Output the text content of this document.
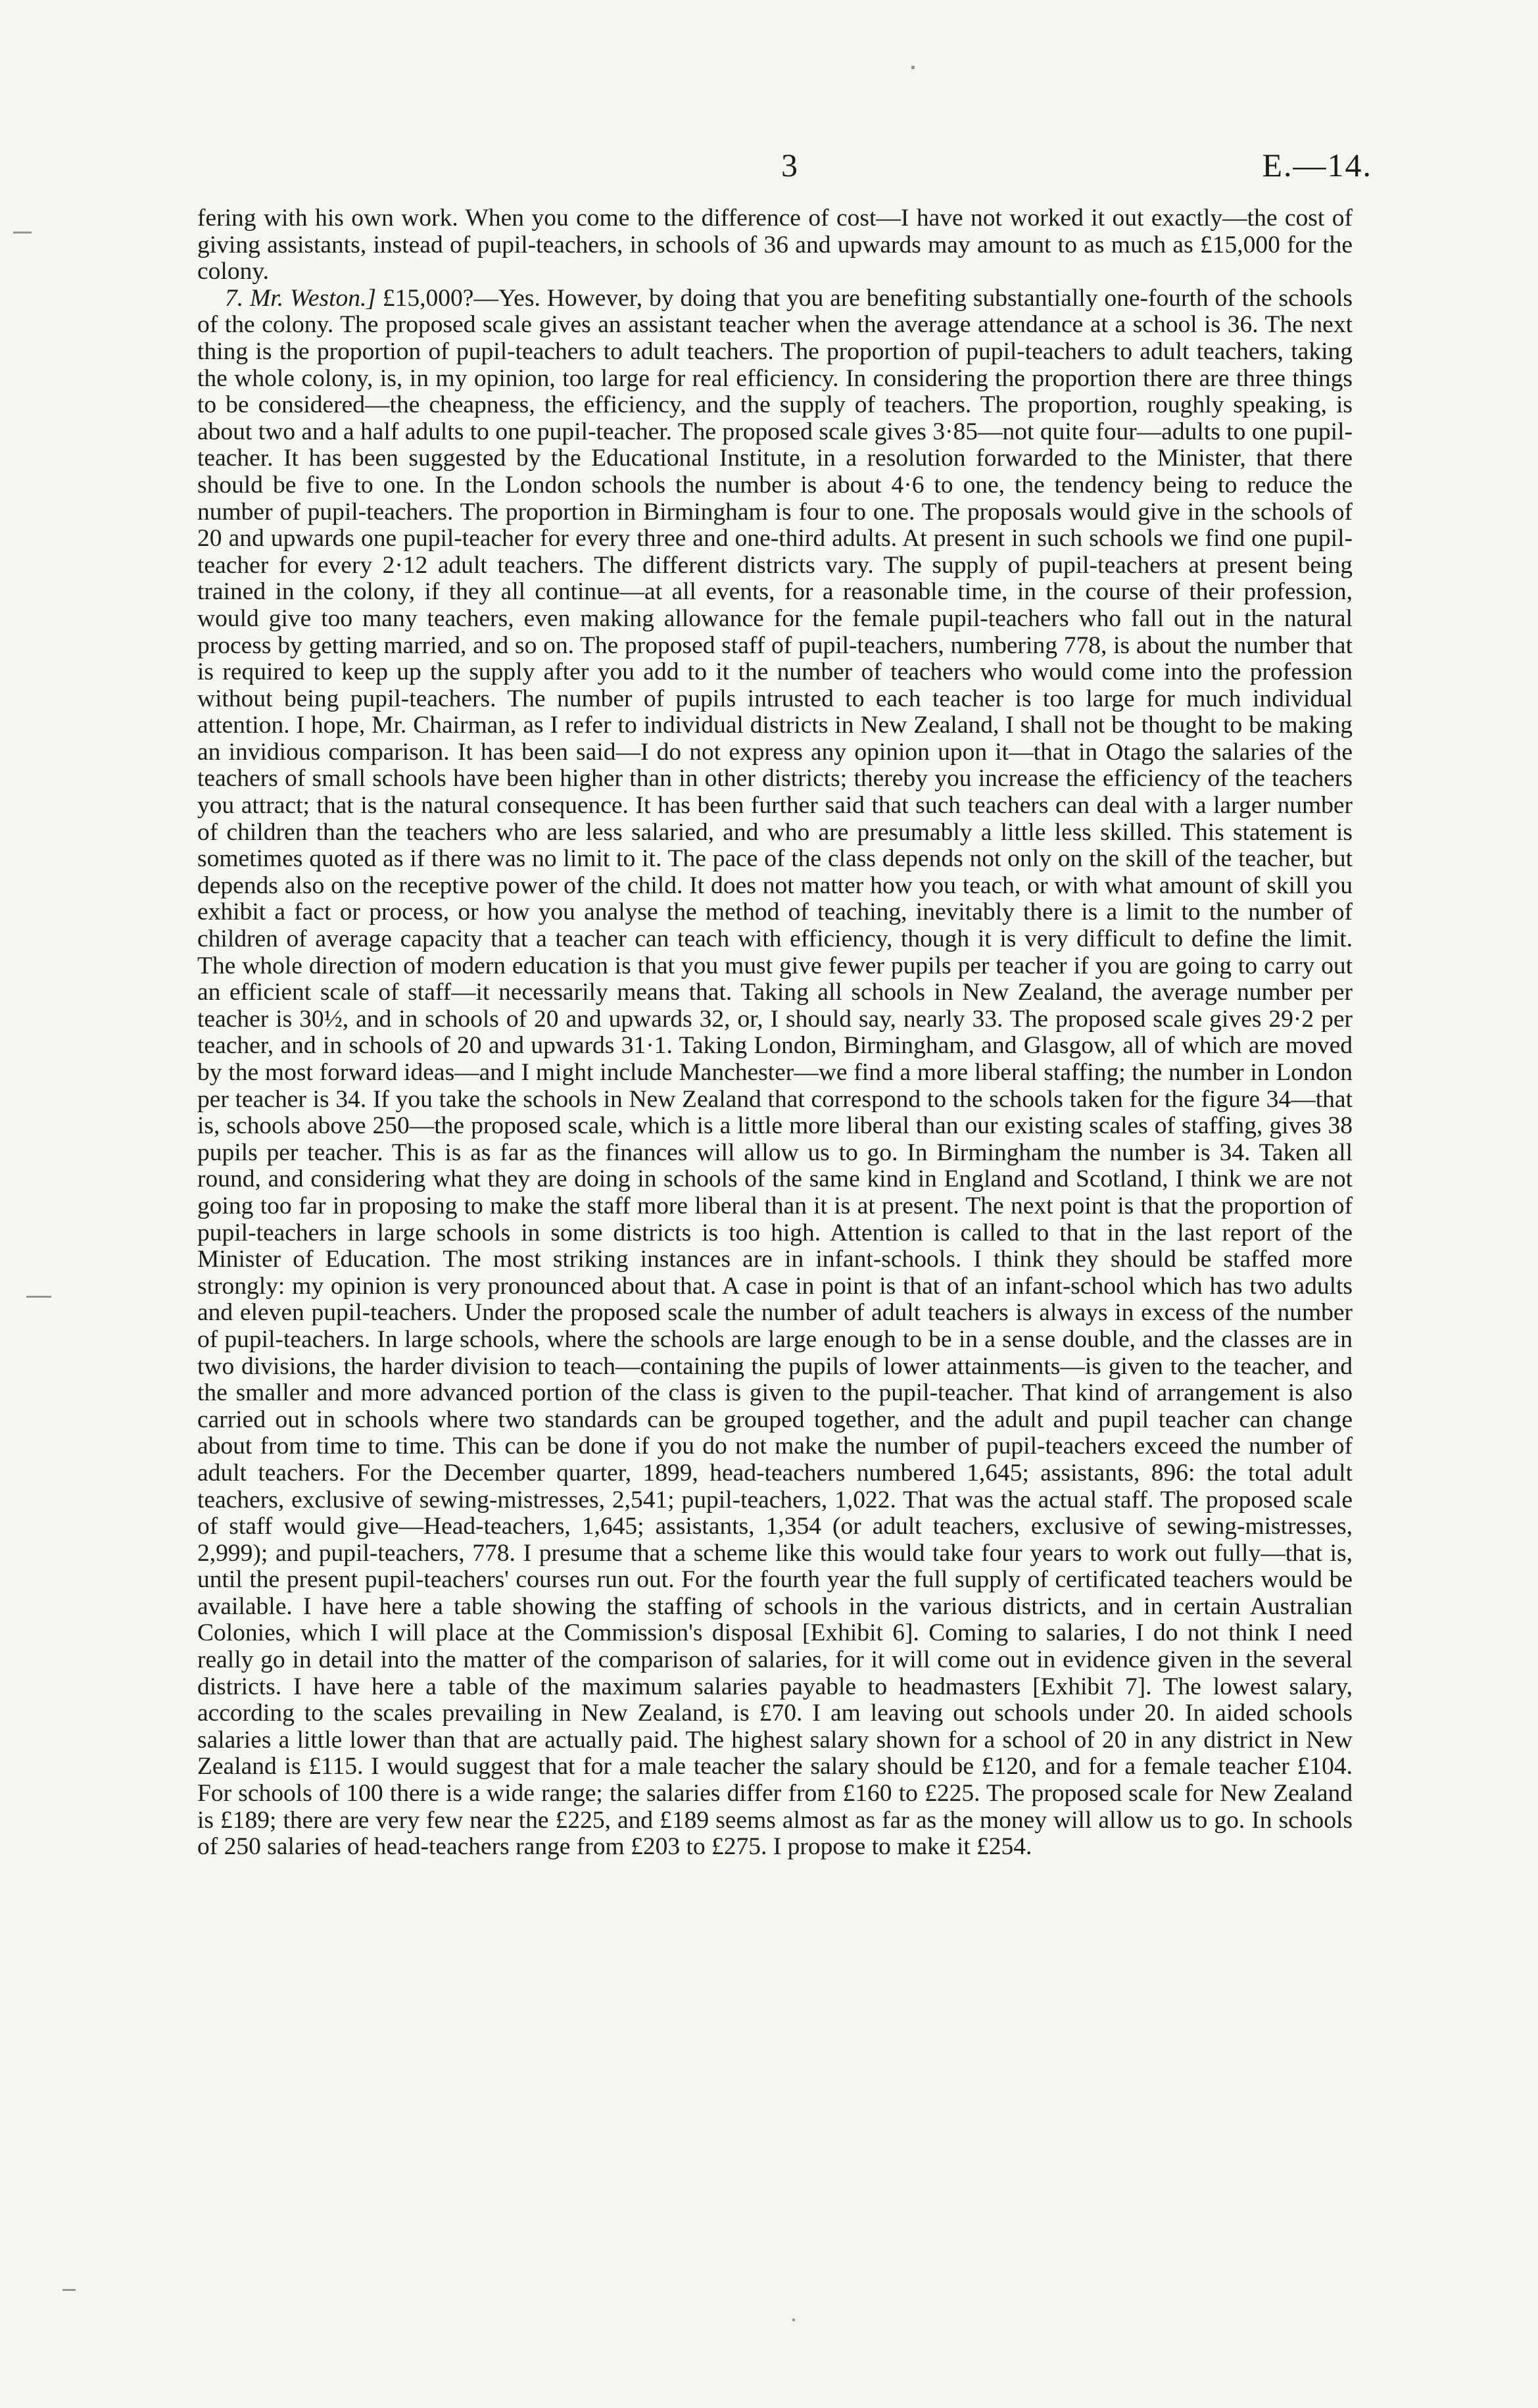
3	E.—14.

fering with his own work. When you come to the difference of cost—I have not worked it out exactly—the cost of giving assistants, instead of pupil-teachers, in schools of 36 and upwards may amount to as much as £15,000 for the colony.

7. Mr. Weston.] £15,000?—Yes. However, by doing that you are benefiting substantially one-fourth of the schools of the colony. The proposed scale gives an assistant teacher when the average attendance at a school is 36. The next thing is the proportion of pupil-teachers to adult teachers. The proportion of pupil-teachers to adult teachers, taking the whole colony, is, in my opinion, too large for real efficiency. In considering the proportion there are three things to be considered—the cheapness, the efficiency, and the supply of teachers. The proportion, roughly speaking, is about two and a half adults to one pupil-teacher. The proposed scale gives 3·85—not quite four—adults to one pupil-teacher. It has been suggested by the Educational Institute, in a resolution forwarded to the Minister, that there should be five to one. In the London schools the number is about 4·6 to one, the tendency being to reduce the number of pupil-teachers. The proportion in Birmingham is four to one. The proposals would give in the schools of 20 and upwards one pupil-teacher for every three and one-third adults. At present in such schools we find one pupil-teacher for every 2·12 adult teachers. The different districts vary. The supply of pupil-teachers at present being trained in the colony, if they all continue—at all events, for a reasonable time, in the course of their profession, would give too many teachers, even making allowance for the female pupil-teachers who fall out in the natural process by getting married, and so on. The proposed staff of pupil-teachers, numbering 778, is about the number that is required to keep up the supply after you add to it the number of teachers who would come into the profession without being pupil-teachers. The number of pupils intrusted to each teacher is too large for much individual attention. I hope, Mr. Chairman, as I refer to individual districts in New Zealand, I shall not be thought to be making an invidious comparison. It has been said—I do not express any opinion upon it—that in Otago the salaries of the teachers of small schools have been higher than in other districts; thereby you increase the efficiency of the teachers you attract; that is the natural consequence. It has been further said that such teachers can deal with a larger number of children than the teachers who are less salaried, and who are presumably a little less skilled. This statement is sometimes quoted as if there was no limit to it. The pace of the class depends not only on the skill of the teacher, but depends also on the receptive power of the child. It does not matter how you teach, or with what amount of skill you exhibit a fact or process, or how you analyse the method of teaching, inevitably there is a limit to the number of children of average capacity that a teacher can teach with efficiency, though it is very difficult to define the limit. The whole direction of modern education is that you must give fewer pupils per teacher if you are going to carry out an efficient scale of staff—it necessarily means that. Taking all schools in New Zealand, the average number per teacher is 30½, and in schools of 20 and upwards 32, or, I should say, nearly 33. The proposed scale gives 29·2 per teacher, and in schools of 20 and upwards 31·1. Taking London, Birmingham, and Glasgow, all of which are moved by the most forward ideas—and I might include Manchester—we find a more liberal staffing; the number in London per teacher is 34. If you take the schools in New Zealand that correspond to the schools taken for the figure 34—that is, schools above 250—the proposed scale, which is a little more liberal than our existing scales of staffing, gives 38 pupils per teacher. This is as far as the finances will allow us to go. In Birmingham the number is 34. Taken all round, and considering what they are doing in schools of the same kind in England and Scotland, I think we are not going too far in proposing to make the staff more liberal than it is at present. The next point is that the proportion of pupil-teachers in large schools in some districts is too high. Attention is called to that in the last report of the Minister of Education. The most striking instances are in infant-schools. I think they should be staffed more strongly: my opinion is very pronounced about that. A case in point is that of an infant-school which has two adults and eleven pupil-teachers. Under the proposed scale the number of adult teachers is always in excess of the number of pupil-teachers. In large schools, where the schools are large enough to be in a sense double, and the classes are in two divisions, the harder division to teach—containing the pupils of lower attainments—is given to the teacher, and the smaller and more advanced portion of the class is given to the pupil-teacher. That kind of arrangement is also carried out in schools where two standards can be grouped together, and the adult and pupil teacher can change about from time to time. This can be done if you do not make the number of pupil-teachers exceed the number of adult teachers. For the December quarter, 1899, head-teachers numbered 1,645; assistants, 896: the total adult teachers, exclusive of sewing-mistresses, 2,541; pupil-teachers, 1,022. That was the actual staff. The proposed scale of staff would give—Head-teachers, 1,645; assistants, 1,354 (or adult teachers, exclusive of sewing-mistresses, 2,999); and pupil-teachers, 778. I presume that a scheme like this would take four years to work out fully—that is, until the present pupil-teachers' courses run out. For the fourth year the full supply of certificated teachers would be available. I have here a table showing the staffing of schools in the various districts, and in certain Australian Colonies, which I will place at the Commission's disposal [Exhibit 6]. Coming to salaries, I do not think I need really go in detail into the matter of the comparison of salaries, for it will come out in evidence given in the several districts. I have here a table of the maximum salaries payable to headmasters [Exhibit 7]. The lowest salary, according to the scales prevailing in New Zealand, is £70. I am leaving out schools under 20. In aided schools salaries a little lower than that are actually paid. The highest salary shown for a school of 20 in any district in New Zealand is £115. I would suggest that for a male teacher the salary should be £120, and for a female teacher £104. For schools of 100 there is a wide range; the salaries differ from £160 to £225. The proposed scale for New Zealand is £189; there are very few near the £225, and £189 seems almost as far as the money will allow us to go. In schools of 250 salaries of head-teachers range from £203 to £275. I propose to make it £254.
